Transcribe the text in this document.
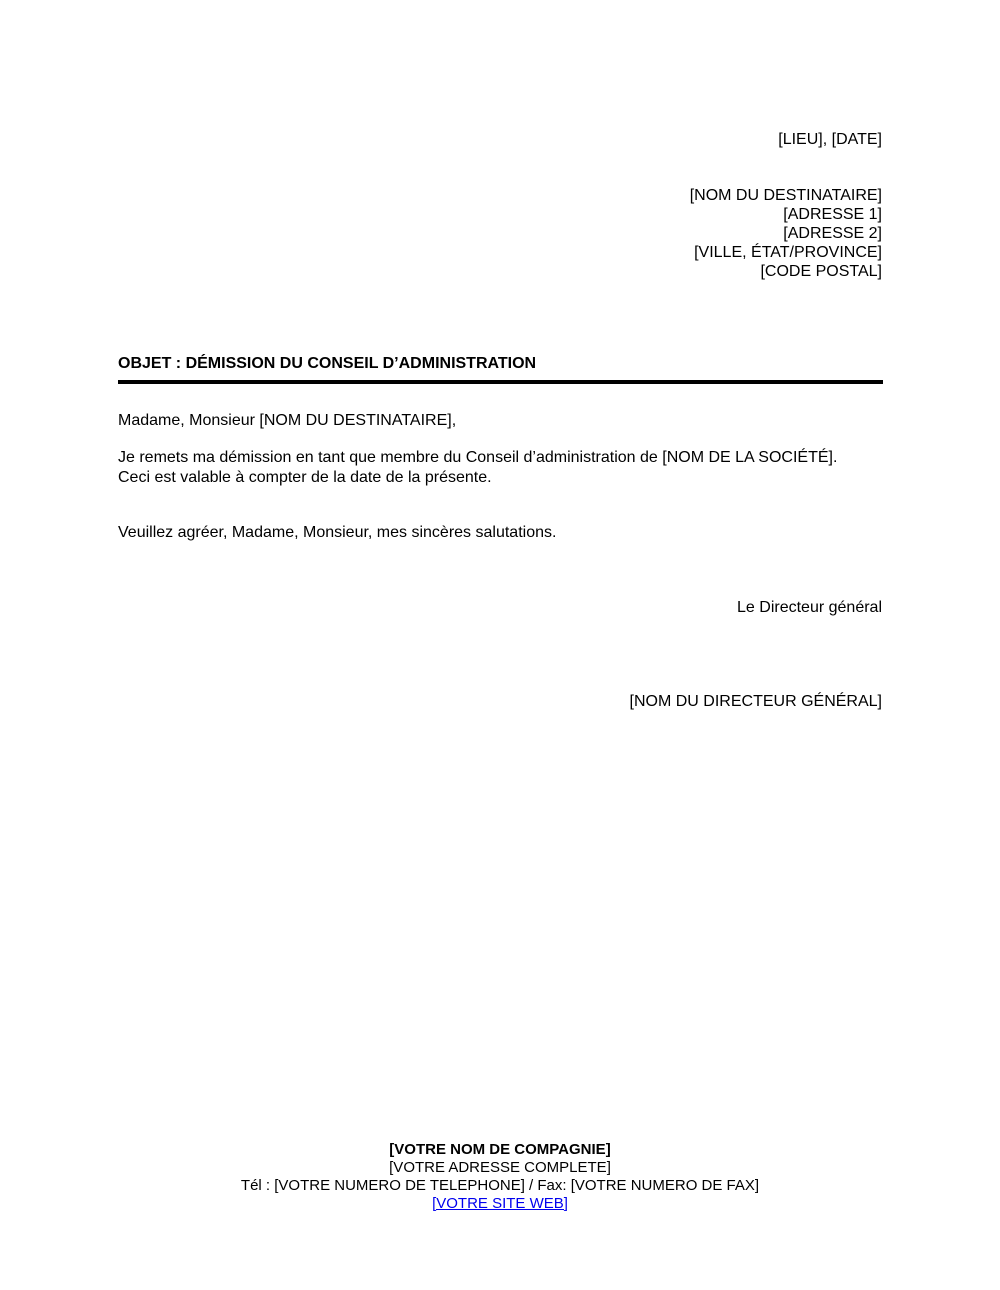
[LIEU], [DATE]
[NOM DU DESTINATAIRE]
[ADRESSE 1]
[ADRESSE 2]
[VILLE, ÉTAT/PROVINCE]
[CODE POSTAL]
OBJET : DÉMISSION DU CONSEIL D’ADMINISTRATION
Madame, Monsieur [NOM DU DESTINATAIRE],
Je remets ma démission en tant que membre du Conseil d’administration de [NOM DE LA SOCIÉTÉ].
Ceci est valable à compter de la date de la présente.
Veuillez agréer, Madame, Monsieur, mes sincères salutations.
Le Directeur général
[NOM DU DIRECTEUR GÉNÉRAL]
[VOTRE NOM DE COMPAGNIE]
[VOTRE ADRESSE COMPLETE]
Tél : [VOTRE NUMERO DE TELEPHONE] / Fax: [VOTRE NUMERO DE FAX]
[VOTRE SITE WEB]
